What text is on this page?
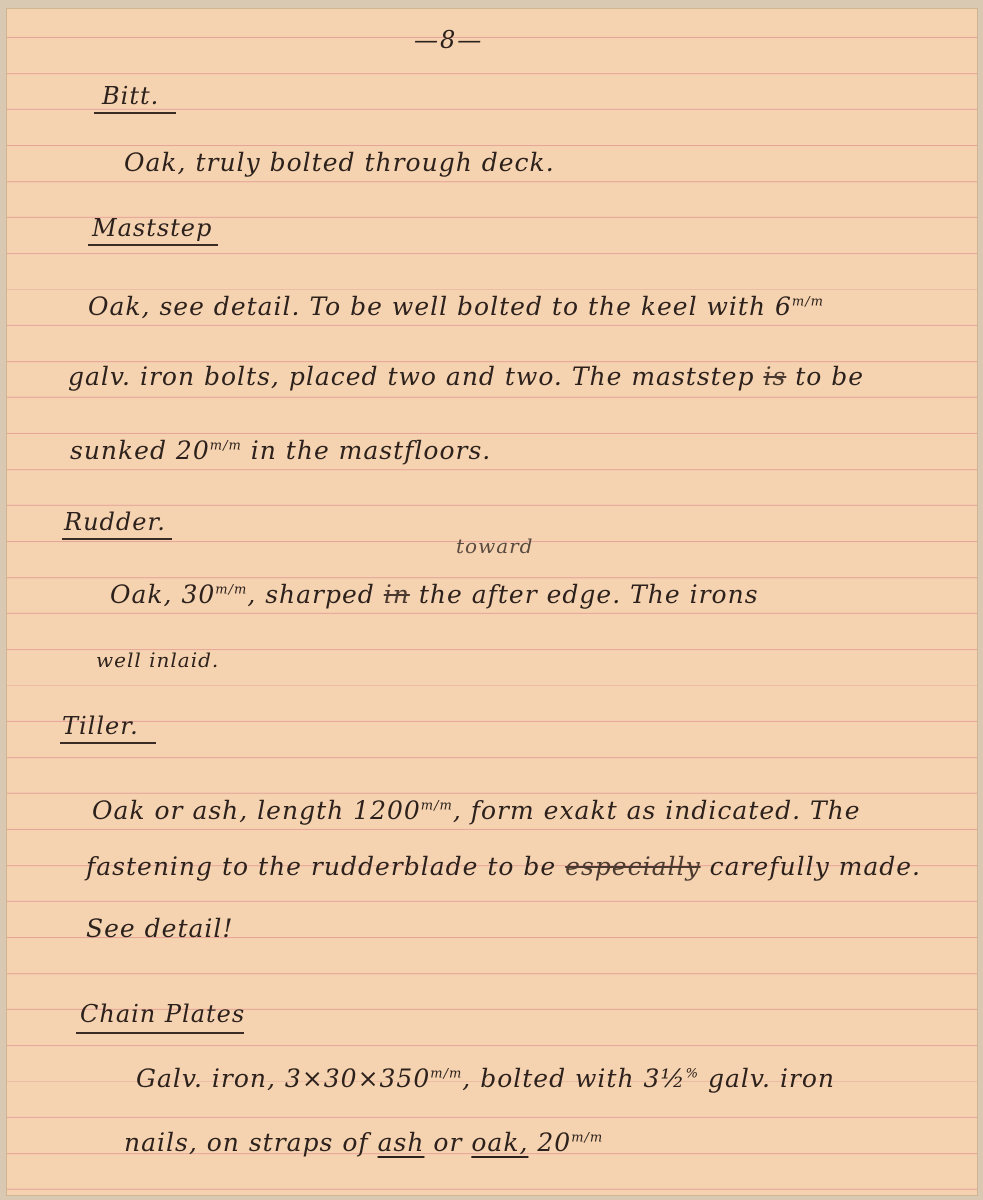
—8—
Bitt.
Oak, truly bolted through deck.
Maststep
Oak, see detail. To be well bolted to the keel with $6^{m/m}$
galv. iron bolts, placed two and two. The maststep is to be
sunked $20^{m/m}$ in the mastfloors.
Rudder.
toward
Oak, $30^{m/m}$, sharped in the after edge. The irons
well inlaid.
Tiller.
Oak or ash, length $1200^{m/m}$, form exakt as indicated. The
fastening to the rudderblade to be especially carefully made.
See detail!
Chain Plates
Galv. iron, $3\times 30\times 350^{m/m}$, bolted with 3½% galv. iron
nails, on straps of ash or oak, $20^{m/m}$
